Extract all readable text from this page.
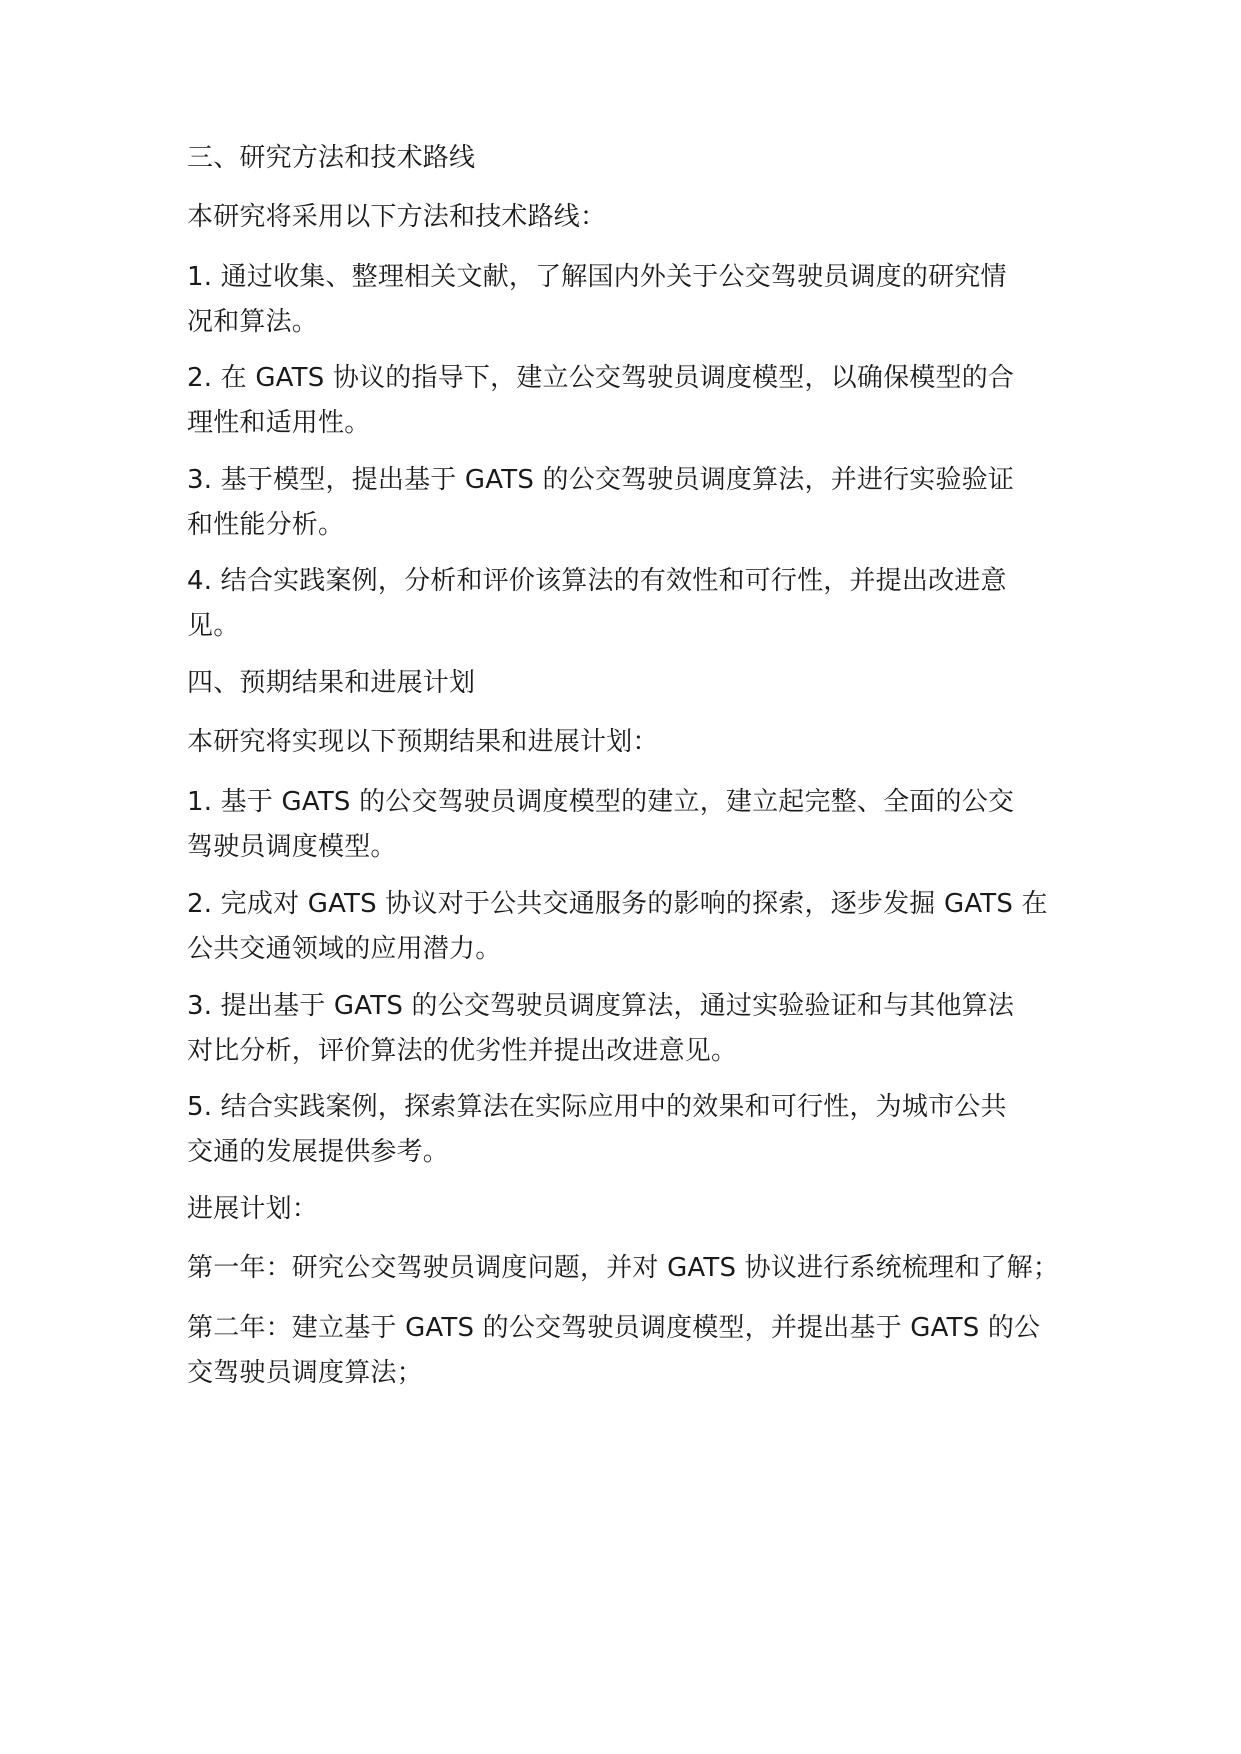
三、研究方法和技术路线
本研究将采用以下方法和技术路线：
1. 通过收集、整理相关文献，了解国内外关于公交驾驶员调度的研究情
况和算法。
2. 在 GATS 协议的指导下，建立公交驾驶员调度模型，以确保模型的合
理性和适用性。
3. 基于模型，提出基于 GATS 的公交驾驶员调度算法，并进行实验验证
和性能分析。
4. 结合实践案例，分析和评价该算法的有效性和可行性，并提出改进意
见。
四、预期结果和进展计划
本研究将实现以下预期结果和进展计划：
1. 基于 GATS 的公交驾驶员调度模型的建立，建立起完整、全面的公交
驾驶员调度模型。
2. 完成对 GATS 协议对于公共交通服务的影响的探索，逐步发掘 GATS 在
公共交通领域的应用潜力。
3. 提出基于 GATS 的公交驾驶员调度算法，通过实验验证和与其他算法
对比分析，评价算法的优劣性并提出改进意见。
5. 结合实践案例，探索算法在实际应用中的效果和可行性，为城市公共
交通的发展提供参考。
进展计划：
第一年：研究公交驾驶员调度问题，并对 GATS 协议进行系统梳理和了解；
第二年：建立基于 GATS 的公交驾驶员调度模型，并提出基于 GATS 的公
交驾驶员调度算法；
